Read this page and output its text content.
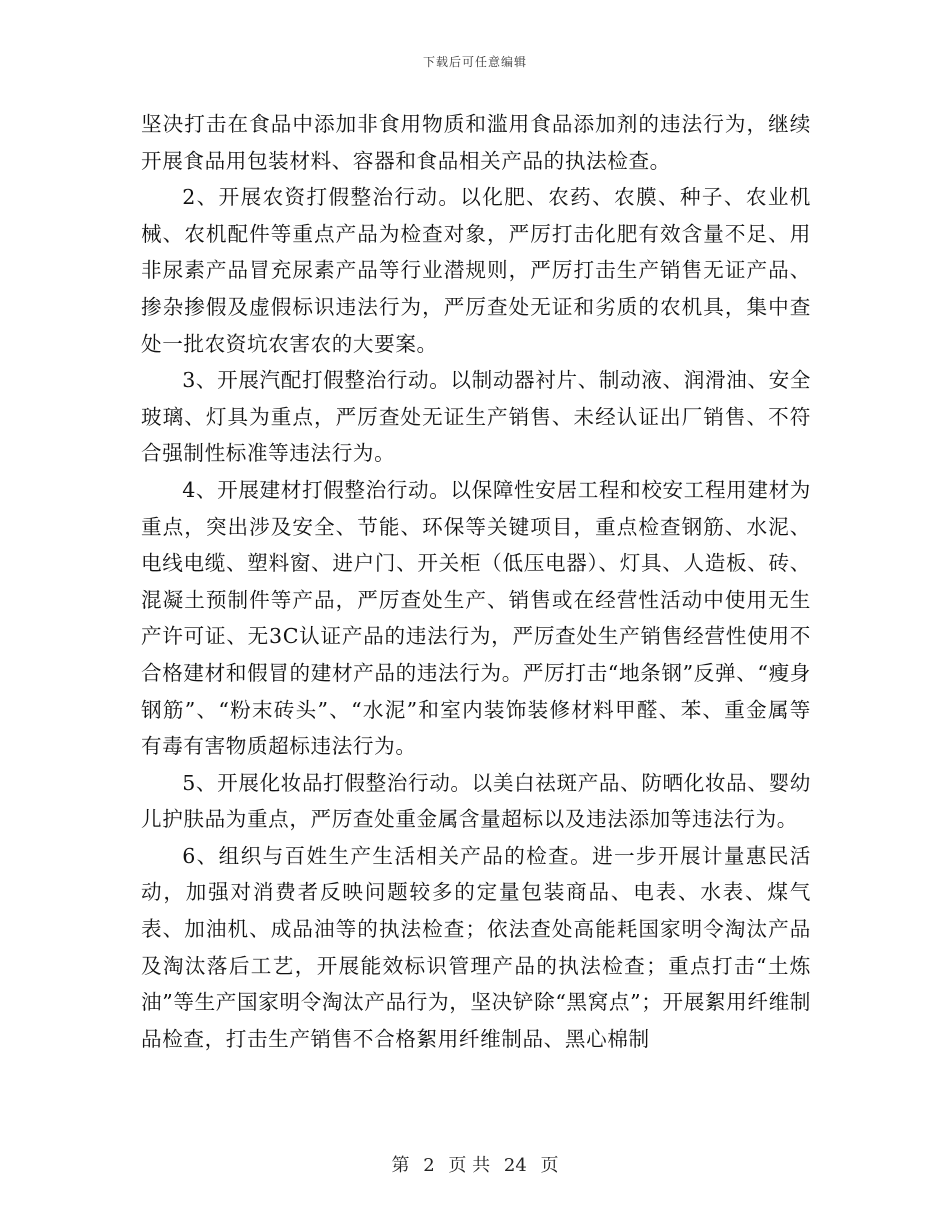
下载后可任意编辑

坚决打击在食品中添加非食用物质和滥用食品添加剂的违法行为，继续开展食品用包装材料、容器和食品相关产品的执法检查。

2、开展农资打假整治行动。以化肥、农药、农膜、种子、农业机械、农机配件等重点产品为检查对象，严厉打击化肥有效含量不足、用非尿素产品冒充尿素产品等行业潜规则，严厉打击生产销售无证产品、掺杂掺假及虚假标识违法行为，严厉查处无证和劣质的农机具，集中查处一批农资坑农害农的大要案。

3、开展汽配打假整治行动。以制动器衬片、制动液、润滑油、安全玻璃、灯具为重点，严厉查处无证生产销售、未经认证出厂销售、不符合强制性标准等违法行为。

4、开展建材打假整治行动。以保障性安居工程和校安工程用建材为重点，突出涉及安全、节能、环保等关键项目，重点检查钢筋、水泥、电线电缆、塑料窗、进户门、开关柜（低压电器）、灯具、人造板、砖、混凝土预制件等产品，严厉查处生产、销售或在经营性活动中使用无生产许可证、无3C认证产品的违法行为，严厉查处生产销售经营性使用不合格建材和假冒的建材产品的违法行为。严厉打击“地条钢”反弹、“瘦身钢筋”、“粉末砖头”、“水泥”和室内装饰装修材料甲醛、苯、重金属等有毒有害物质超标违法行为。

5、开展化妆品打假整治行动。以美白祛斑产品、防晒化妆品、婴幼儿护肤品为重点，严厉查处重金属含量超标以及违法添加等违法行为。

6、组织与百姓生产生活相关产品的检查。进一步开展计量惠民活动，加强对消费者反映问题较多的定量包装商品、电表、水表、煤气表、加油机、成品油等的执法检查；依法查处高能耗国家明令淘汰产品及淘汰落后工艺，开展能效标识管理产品的执法检查；重点打击“土炼油”等生产国家明令淘汰产品行为，坚决铲除“黑窝点”；开展絮用纤维制品检查，打击生产销售不合格絮用纤维制品、黑心棉制

第 2 页 共 24 页
